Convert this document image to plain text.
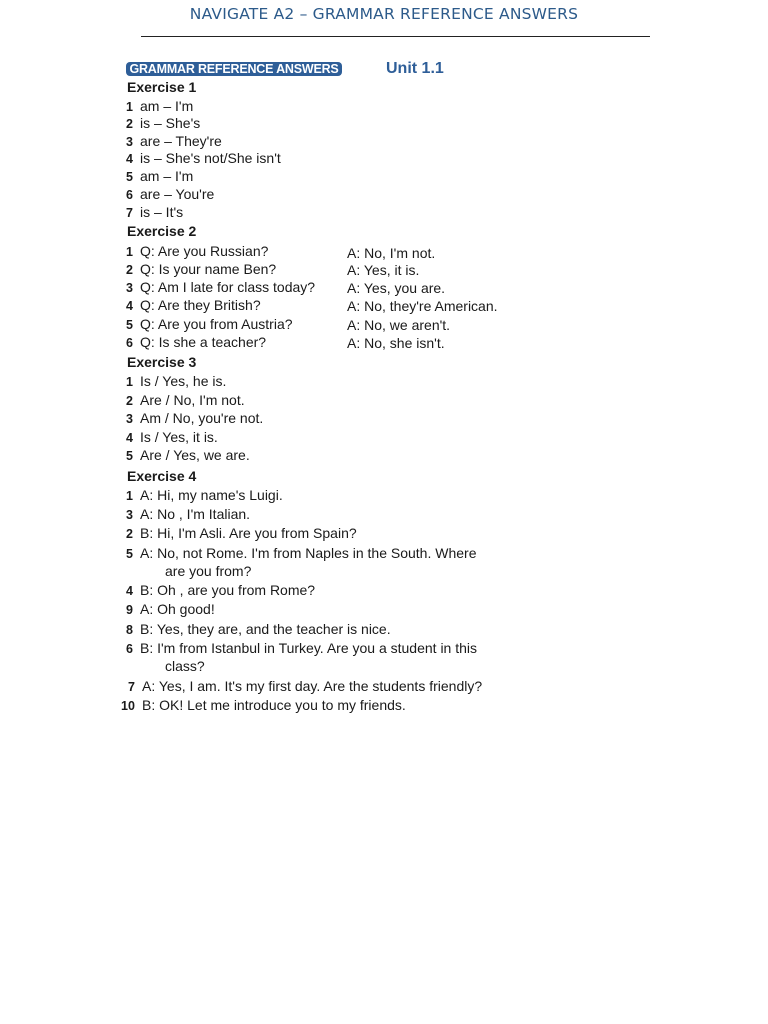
NAVIGATE A2 – GRAMMAR REFERENCE ANSWERS
GRAMMAR REFERENCE ANSWERS	Unit 1.1
Exercise 1
1 am – I'm
2 is – She's
3 are – They're
4 is – She's not/She isn't
5 am – I'm
6 are – You're
7 is – It's
Exercise 2
1 Q: Are you Russian?	A: No, I'm not.
2 Q: Is your name Ben?	A: Yes, it is.
3 Q: Am I late for class today? A: Yes, you are.
4 Q: Are they British?	A: No, they're American.
5 Q: Are you from Austria?	A: No, we aren't.
6 Q: Is she a teacher?	A: No, she isn't.
Exercise 3
1 Is / Yes, he is.
2 Are / No, I'm not.
3 Am / No, you're not.
4 Is / Yes, it is.
5 Are / Yes, we are.
Exercise 4
1 A: Hi, my name's Luigi.
3 A: No , I'm Italian.
2 B: Hi, I'm Asli. Are you from Spain?
5 A: No, not Rome. I'm from Naples in the South. Where
are you from?
4 B: Oh , are you from Rome?
9 A: Oh good!
8 B: Yes, they are, and the teacher is nice.
6 B: I'm from Istanbul in Turkey. Are you a student in this
class?
7 A: Yes, I am. It's my first day. Are the students friendly?
10 B: OK! Let me introduce you to my friends.
